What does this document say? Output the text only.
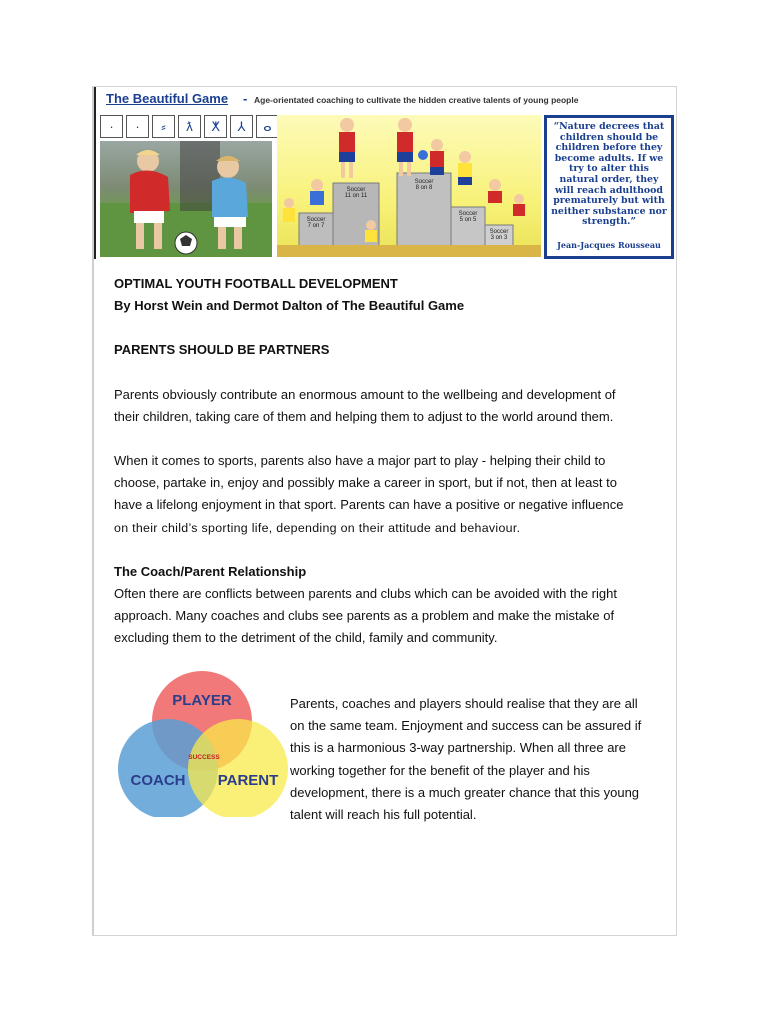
The Beautiful Game - Age-orientated coaching to cultivate the hidden creative talents of young people
·	·	⸗	ƛ	ⵅ	⅄	ⴰ
Soccer
11 on 11
Soccer
8 on 8
Soccer
7 on 7
Soccer
5 on 5
Soccer
3 on 3
“Nature decrees that children should be children before they become adults. If we try to alter this natural order, they will reach adulthood prematurely but with neither substance nor strength.”
Jean-Jacques Rousseau

OPTIMAL YOUTH FOOTBALL DEVELOPMENT

By Horst Wein and Dermot Dalton of The Beautiful Game

PARENTS SHOULD BE PARTNERS

Parents obviously contribute an enormous amount to the wellbeing and development of

their children, taking care of them and helping them to adjust to the world around them.

When it comes to sports, parents also have a major part to play - helping their child to

choose, partake in, enjoy and possibly make a career in sport, but if not, then at least to

have a lifelong enjoyment in that sport. Parents can have a positive or negative influence

on their child’s sporting life, depending on their attitude and behaviour.

The Coach/Parent Relationship

Often there are conflicts between parents and clubs which can be avoided with the right

approach. Many coaches and clubs see parents as a problem and make the mistake of

excluding them to the detriment of the child, family and community.

PLAYER
COACH PARENT
SUCCESS

Parents, coaches and players should realise that they are all

on the same team. Enjoyment and success can be assured if

this is a harmonious 3-way partnership. When all three are

working together for the benefit of the player and his

development, there is a much greater chance that this young

talent will reach his full potential.
